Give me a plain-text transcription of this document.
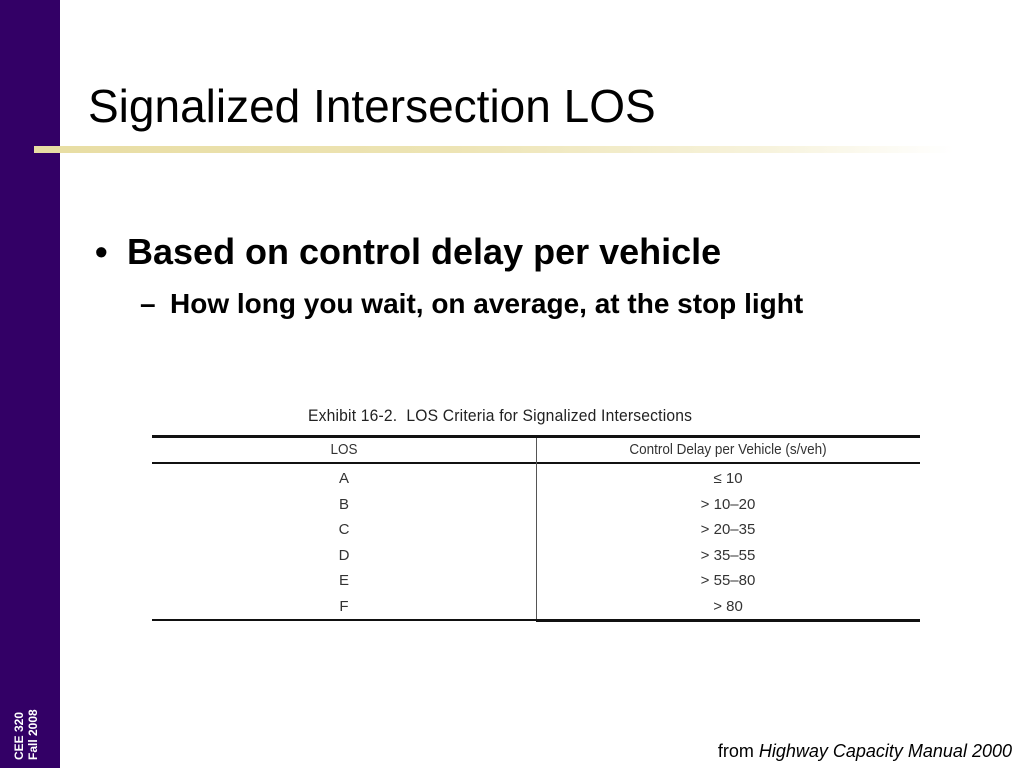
CEE 320 Fall 2008
Signalized Intersection LOS
• Based on control delay per vehicle
– How long you wait, on average, at the stop light
Exhibit 16-2. LOS Criteria for Signalized Intersections
LOS	Control Delay per Vehicle (s/veh)
A
B
C
D
E
F
≤ 10
> 10–20
> 20–35
> 35–55
> 55–80
> 80
from Highway Capacity Manual 2000
